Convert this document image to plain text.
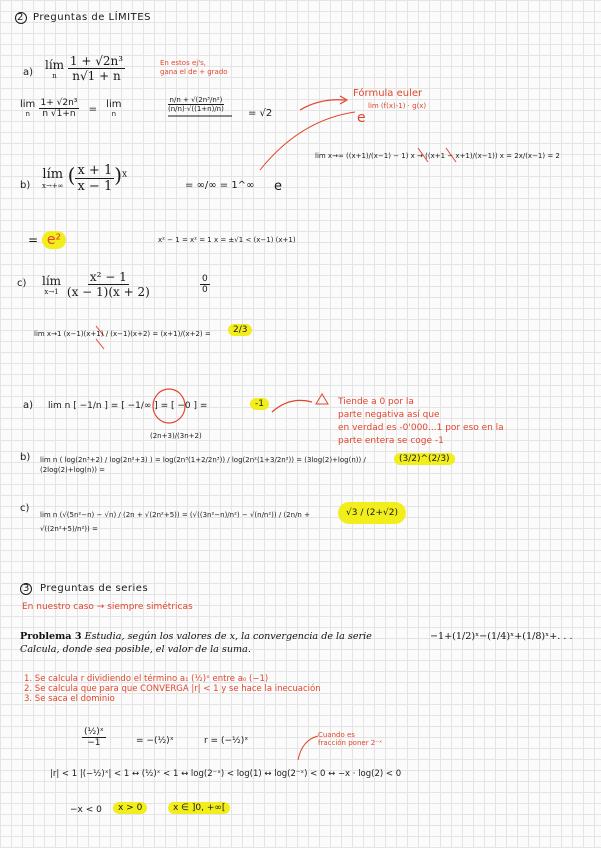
2 Preguntas de LÍMITES
a)
lím
n
$\frac{\text{1 + √2n³}}{n√1 + n}$	En estos ej's,
gana el de + grado
lim
n
$\frac{\text{1+ √2n³}}{n √1+n} = \lim$
n
$\frac{\text{n/n + √(2n³/n²)}}{(n/n)\cdot√((1+n)/n)}$
= √2
Fórmula euler
e
lim (f(x)-1) · g(x)
lim x→∞ ((x+1)/(x−1) − 1) x → ((x+1 − x+1)/(x−1)) x = 2x/(x−1) = 2
b)
lím
x→+∞ ( $\frac{x + 1}{x - 1} )^x$
= ∞/∞ = 1^∞ e
= e²	x² − 1 = x² = 1 x = ±√1 < (x−1) (x+1)
c) lím
x→1
$\frac{\text{x² − 1}}{(x - 1)(x + 2)}$	$\frac{0}{0}$
lim x→1 (x−1)(x+1) / (x−1)(x+2) = (x+1)/(x+2) =	2/3
a) lim n [ −1/n ] = [ −1/∞ ] = [ −0 ] =	-1	Tiende a 0 por la
parte negativa así que
en verdad es -0'000...1 por eso en la
parte entera se coge -1
b)
(2n+3)/(3n+2)
lim n ( log(2n³+2) / log(2n²+3) ) = log(2n³(1+2/2n³)) / log(2n²(1+3/2n²)) = (3log(2)+log(n)) / (2log(2)+log(n)) =
(3/2)^(2/3)
c)
lim n (√(5n²−n) − √n) / (2n + √(2n²+5)) = (√((3n²−n)/n²) − √(n/n²)) / (2n/n + √((2n²+5)/n²)) =
√3 / (2+√2)
3 Preguntas de series
En nuestro caso → siempre simétricas
Problema 3 Estudia, según los valores de x, la convergencia de la serie	−1+(1/2)ˣ−(1/4)ˣ+(1/8)ˣ+. . .
Calcula, donde sea posible, el valor de la suma.
1. Se calcula r dividiendo el término a₁ (½)ˣ entre a₀ (−1)
2. Se calcula que para que CONVERGA |r| < 1 y se hace la inecuación
3. Se saca el dominio
$\frac{\text{(½)ˣ}}{-1}$	= −(½)ˣ	r = (−½)ˣ
Cuando es
fracción poner 2⁻ˣ
|r| < 1 |(−½)ˣ| < 1 ↔ (½)ˣ < 1 ↔ log(2⁻ˣ) < log(1) ↔ log(2⁻ˣ) < 0 ↔ −x · log(2) < 0
−x < 0	x > 0	x ∈ ]0, +∞[
